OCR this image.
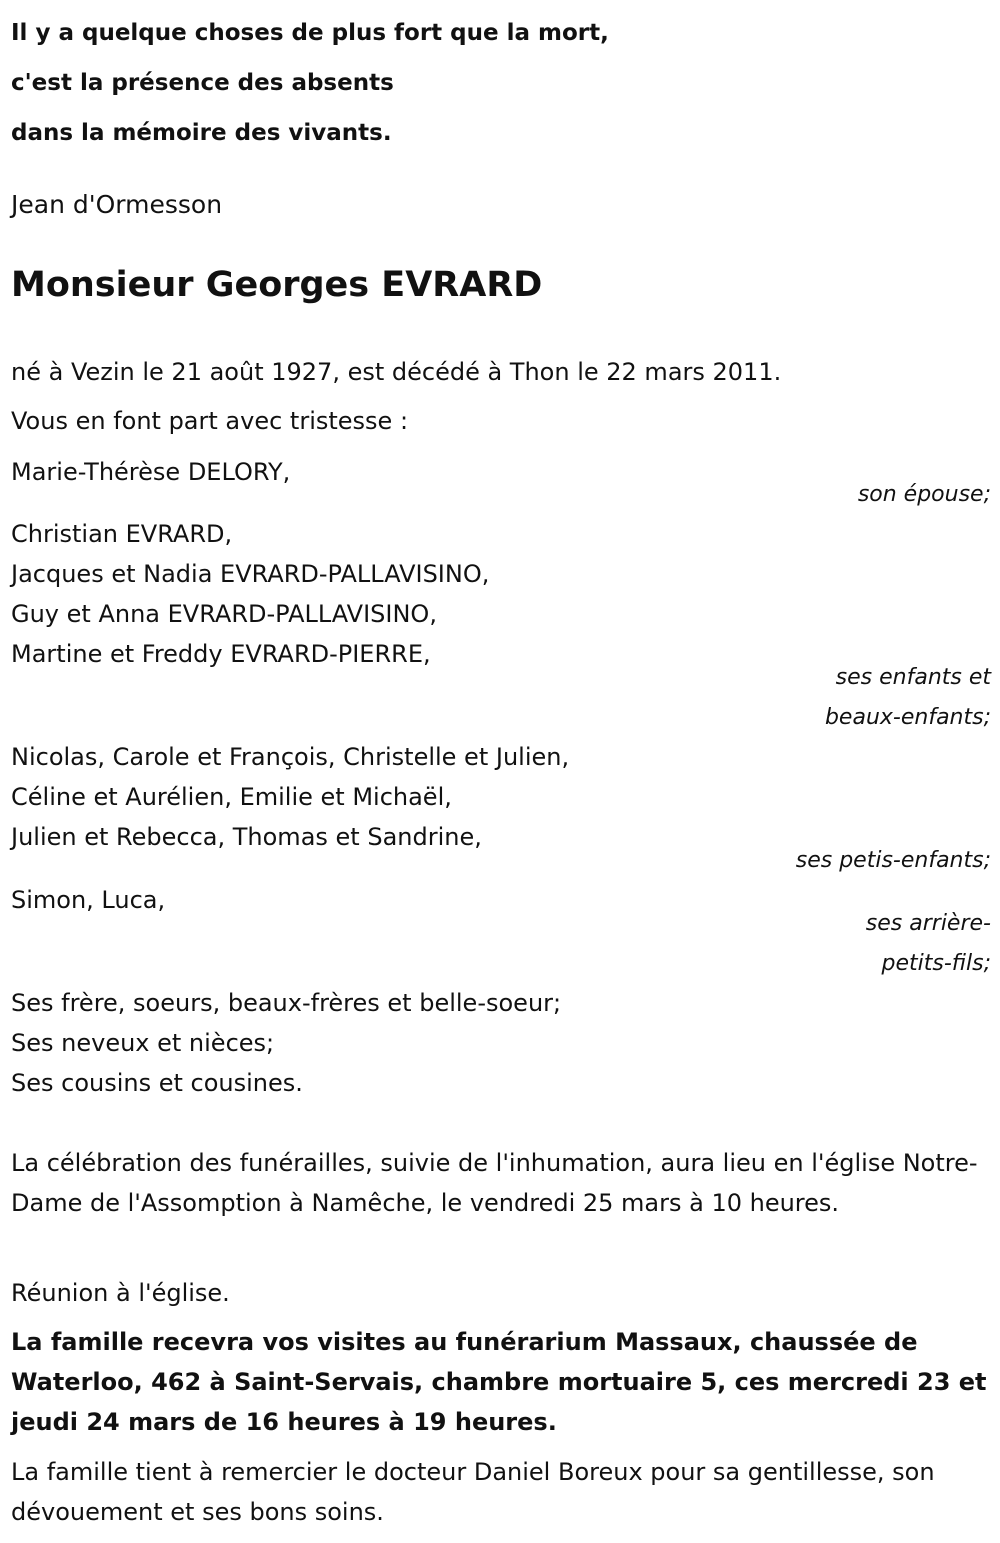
Il y a quelque choses de plus fort que la mort,
c'est la présence des absents
dans la mémoire des vivants.
Jean d'Ormesson
Monsieur Georges EVRARD
né à Vezin le 21 août 1927, est décédé à Thon le 22 mars 2011.
Vous en font part avec tristesse :
Marie-Thérèse DELORY,
son épouse;
Christian EVRARD,
Jacques et Nadia EVRARD-PALLAVISINO,
Guy et Anna EVRARD-PALLAVISINO,
Martine et Freddy EVRARD-PIERRE,
ses enfants et
beaux-enfants;
Nicolas, Carole et François, Christelle et Julien,
Céline et Aurélien, Emilie et Michaël,
Julien et Rebecca, Thomas et Sandrine,
ses petis-enfants;
Simon, Luca,
ses arrière-
petits-fils;
Ses frère, soeurs, beaux-frères et belle-soeur;
Ses neveux et nièces;
Ses cousins et cousines.
La célébration des funérailles, suivie de l'inhumation, aura lieu en l'église Notre-Dame de l'Assomption à Namêche, le vendredi 25 mars à 10 heures.
Réunion à l'église.
La famille recevra vos visites au funérarium Massaux, chaussée de Waterloo, 462 à Saint-Servais, chambre mortuaire 5, ces mercredi 23 et jeudi 24 mars de 16 heures à 19 heures.
La famille tient à remercier le docteur Daniel Boreux pour sa gentillesse, son dévouement et ses bons soins.
